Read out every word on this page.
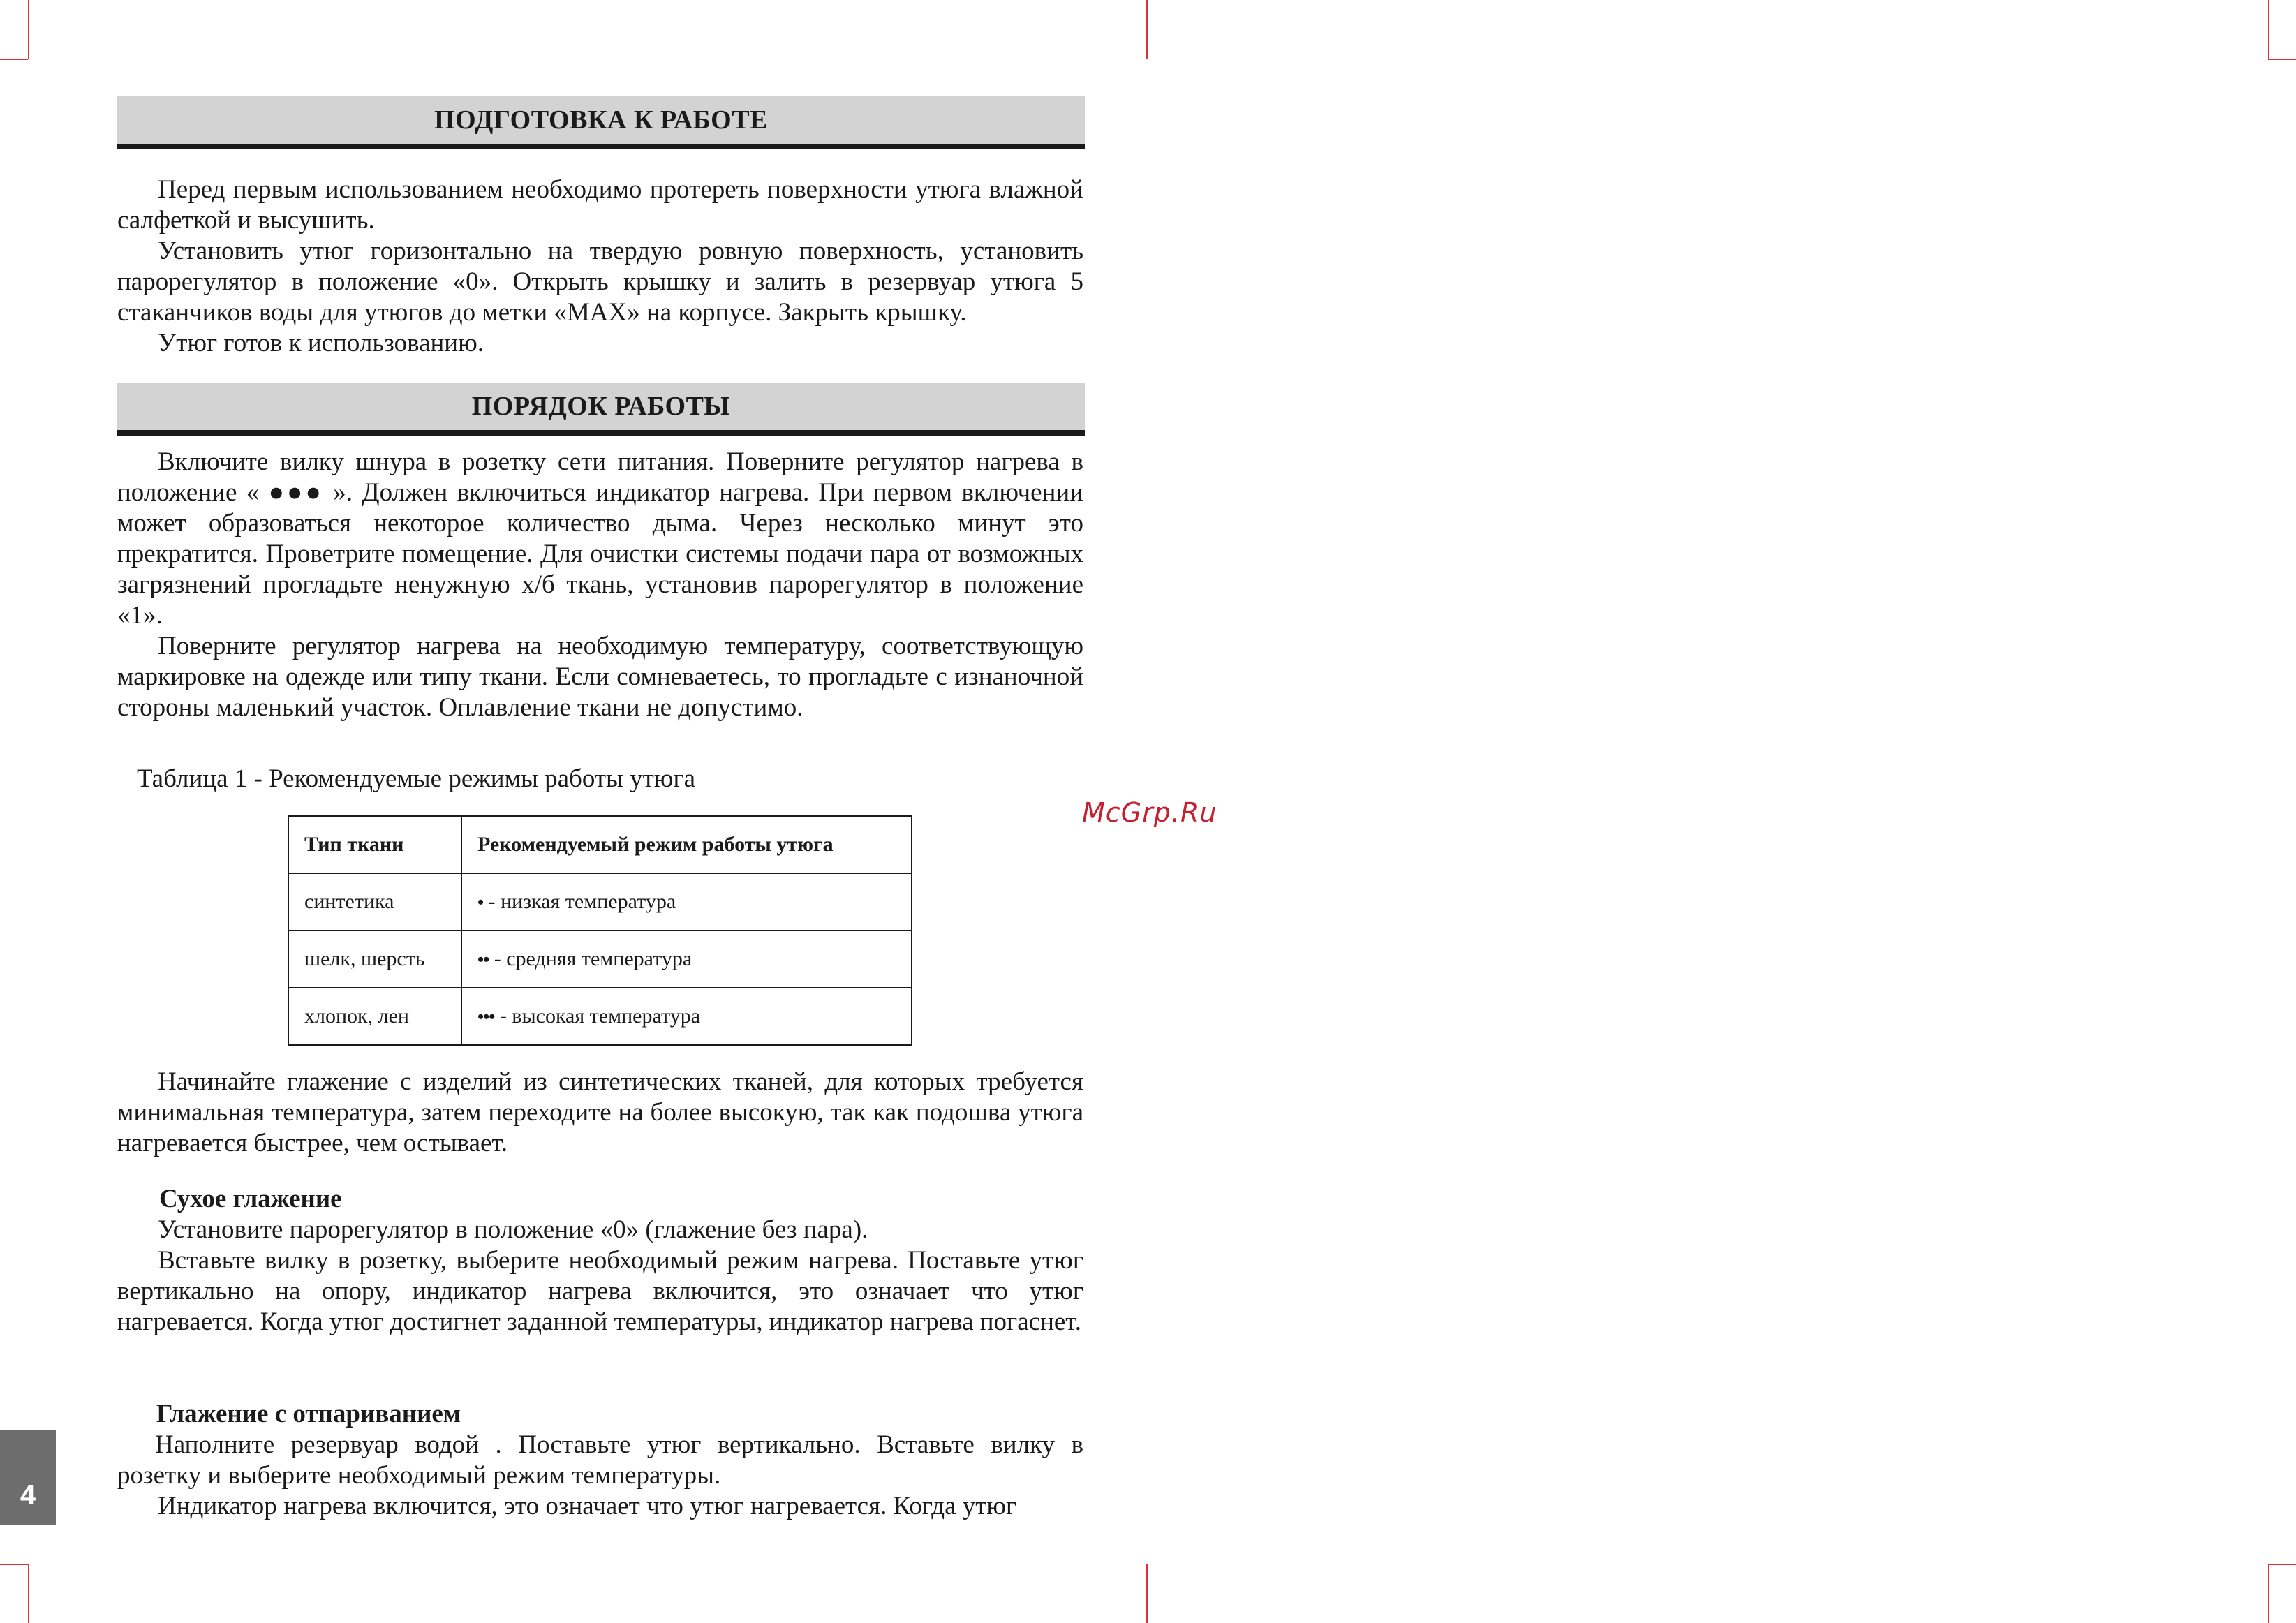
ПОДГОТОВКА К РАБОТЕ

Перед первым использованием необходимо протереть поверхности утюга влажной салфеткой и высушить.

Установить утюг горизонтально на твердую ровную поверхность, установить парорегулятор в положение «0». Открыть крышку и залить в резервуар утюга 5 стаканчиков воды для утюгов до метки «MAX» на корпусе. Закрыть крышку.

Утюг готов к использованию.

ПОРЯДОК РАБОТЫ

Включите вилку шнура в розетку сети питания. Поверните регулятор нагрева в положение « ●●● ». Должен включиться индикатор нагрева. При первом включении может образоваться некоторое количество дыма. Через несколько минут это прекратится. Проветрите помещение. Для очистки системы подачи пара от возможных загрязнений прогладьте ненужную х/б ткань, установив парорегулятор в положение «1».

Поверните регулятор нагрева на необходимую температуру, соответствующую маркировке на одежде или типу ткани. Если сомневаетесь, то прогладьте с изнаночной стороны маленький участок. Оплавление ткани не допустимо.

Таблица 1 - Рекомендуемые режимы работы утюга
Тип ткани	Рекомендуемый режим работы утюга
синтетика	• - низкая температура
шелк, шерсть	•• - средняя температура
хлопок, лен	••• - высокая температура
McGrp.Ru

Начинайте глажение с изделий из синтетических тканей, для которых требуется минимальная температура, затем переходите на более высокую, так как подошва утюга нагревается быстрее, чем остывает.

Сухое глажение

Установите парорегулятор в положение «0» (глажение без пара).

Вставьте вилку в розетку, выберите необходимый режим нагрева. Поставьте утюг вертикально на опору, индикатор нагрева включится, это означает что утюг нагревается. Когда утюг достигнет заданной температуры, индикатор нагрева погаснет.

Глажение с отпариванием

Наполните резервуар водой . Поставьте утюг вертикально. Вставьте вилку в розетку и выберите необходимый режим температуры.

Индикатор нагрева включится, это означает что утюг нагревается. Когда утюг

4
